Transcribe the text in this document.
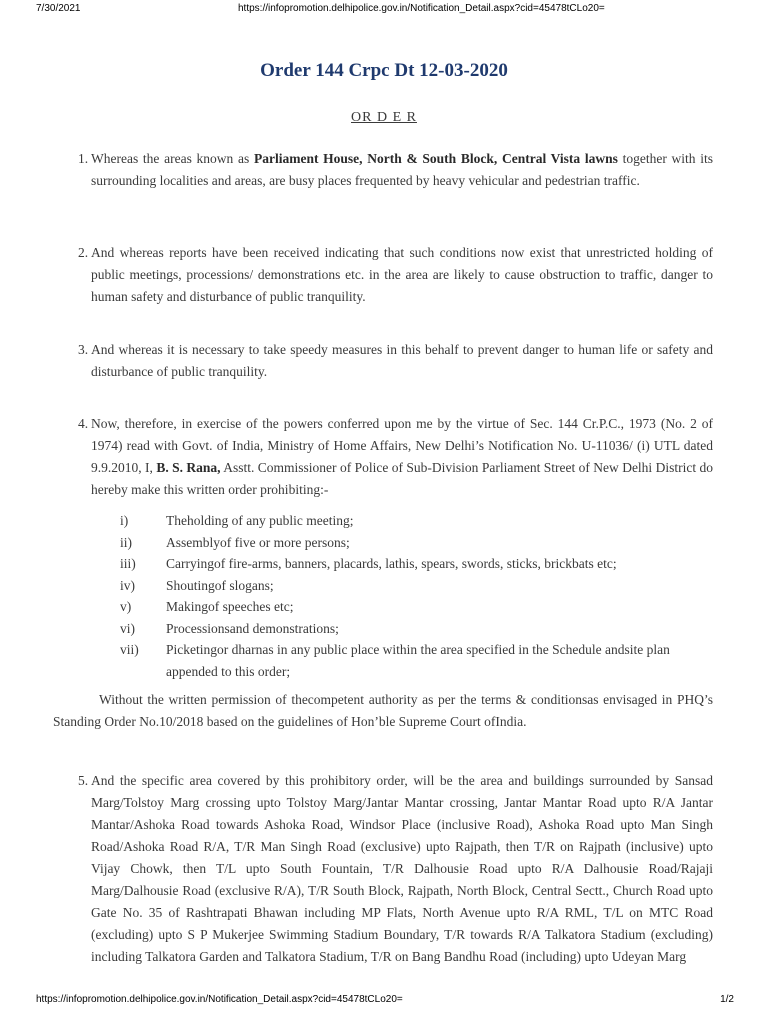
7/30/2021	https://infopromotion.delhipolice.gov.in/Notification_Detail.aspx?cid=45478tCLo20=
Order 144 Crpc Dt 12-03-2020

OR D E R

1. Whereas the areas known as Parliament House, North & South Block, Central Vista lawns together with its surrounding localities and areas, are busy places frequented by heavy vehicular and pedestrian traffic.

2. And whereas reports have been received indicating that such conditions now exist that unrestricted holding of public meetings, processions/ demonstrations etc. in the area are likely to cause obstruction to traffic, danger to human safety and disturbance of public tranquility.

3. And whereas it is necessary to take speedy measures in this behalf to prevent danger to human life or safety and disturbance of public tranquility.

4. Now, therefore, in exercise of the powers conferred upon me by the virtue of Sec. 144 Cr.P.C., 1973 (No. 2 of 1974) read with Govt. of India, Ministry of Home Affairs, New Delhi’s Notification No. U-11036/ (i) UTL dated 9.9.2010, I, B. S. Rana, Asstt. Commissioner of Police of Sub-Division Parliament Street of New Delhi District do hereby make this written order prohibiting:-

i)	Theholding of any public meeting;
ii)	Assemblyof five or more persons;
iii)	Carryingof fire-arms, banners, placards, lathis, spears, swords, sticks, brickbats etc;
iv)	Shoutingof slogans;
v)	Makingof speeches etc;
vi)	Processionsand demonstrations;
vii)	Picketingor dharnas in any public place within the area specified in the Schedule andsite plan appended to this order;

Without the written permission of thecompetent authority as per the terms & conditionsas envisaged in PHQ’s Standing Order No.10/2018 based on the guidelines of Hon’ble Supreme Court ofIndia.

5. And the specific area covered by this prohibitory order, will be the area and buildings surrounded by Sansad Marg/Tolstoy Marg crossing upto Tolstoy Marg/Jantar Mantar crossing, Jantar Mantar Road upto R/A Jantar Mantar/Ashoka Road towards Ashoka Road, Windsor Place (inclusive Road), Ashoka Road upto Man Singh Road/Ashoka Road R/A, T/R Man Singh Road (exclusive) upto Rajpath, then T/R on Rajpath (inclusive) upto Vijay Chowk, then T/L upto South Fountain, T/R Dalhousie Road upto R/A Dalhousie Road/Rajaji Marg/Dalhousie Road (exclusive R/A), T/R South Block, Rajpath, North Block, Central Sectt., Church Road upto Gate No. 35 of Rashtrapati Bhawan including MP Flats, North Avenue upto R/A RML, T/L on MTC Road (excluding) upto S P Mukerjee Swimming Stadium Boundary, T/R towards R/A Talkatora Stadium (excluding) including Talkatora Garden and Talkatora Stadium, T/R on Bang Bandhu Road (including) upto Udeyan Marg

https://infopromotion.delhipolice.gov.in/Notification_Detail.aspx?cid=45478tCLo20=	1/2
